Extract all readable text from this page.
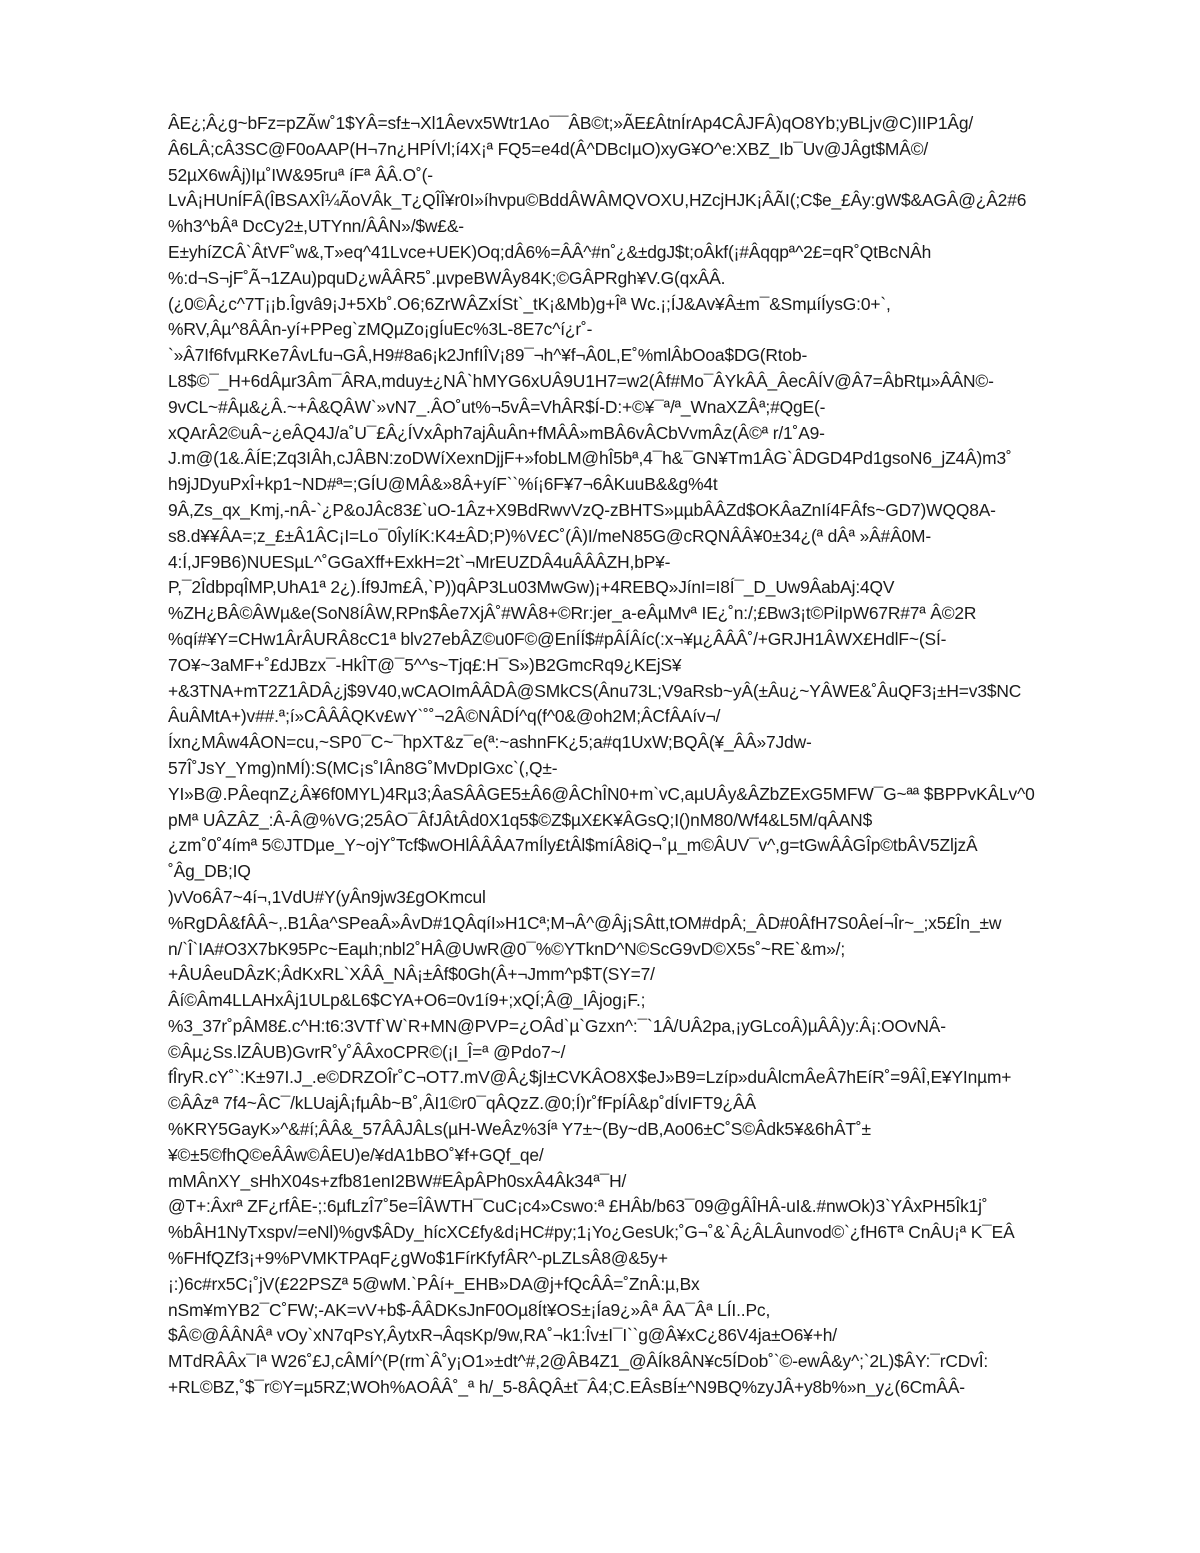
ÂE¿;Â¿g~bFz=pZÃw˚1$YÂ=sf±¬Xl1Âevx5Wtr1Ao¯¯ÂB©t;»ÃE£ÂtnÍrAp4CÂJFÂ)qO8Yb;yBLjv@C)IIP1Âg/
Â6LÂ;cÂ3SC@F0oAAP(H¬7n¿HPÍVl;í4X¡ª FQ5=e4d(Â^DBcIµO)xyG¥O^e:XBZ_Ib¯Uv@JÂgt$MÂ©/
52µX6wÂj)Iµ˚IW&95ruª íFª ÂÂ.O˚(-
LvÂ¡HUnÍFÂ(ÎBSAXÎ¼ÃoVÂk_T¿QÎÎ¥r0I»íhvpu©BddÂWÂMQVOXU,HZcjHJK¡ÂÃI(;C$e_£Ây:gW$&AGÂ@¿Â2#6
%h3^bÂª DcCy2±,UTYnn/ÂÂN»/$w£&-
E±yhíZCÂ`ÂtVF˚w&,T»eq^41Lvce+UEK)Oq;dÂ6%=ÂÂ^#n˚¿&±dgJ$t;oÂkf(¡#Âqqpª^2£=qR˚QtBcNÂh
%:d¬S¬jF˚Ã¬1ZAu)pquD¿wÂÂR5˚.µvpeBWÂy84K;©GÂPRgh¥V.G(qxÂÂ.
(¿0©Â¿c^7T¡¡b.Îgvâ9¡J+5Xb˚.O6;6ZrWÂZxÍSt`_tK¡&Mb)g+Îª Wc.¡;ÍJ&Av¥Â±m¯&SmµíÍysG:0+`,
%RV,Âµ^8ÂÂn-yí+PPeg`zMQµZo¡gÍuEc%3L-8E7c^í¿r˚-
`»Â7If6fvµRKe7ÂvLfu¬GÂ,H9#8a6¡k2JnfIÎV¡89¯¬h^¥f¬Â0L,E˚%mlÂbOoa$DG(Rtob-
L8$©¯_H+6dÂµr3Âm¯ÂRA,mduy±¿NÂ`hMYG6xUÂ9U1H7=w2(Âf#Mo¯ÂYkÂÂ_ÂecÂÍV@Â7=ÂbRtµ»ÂÂN©-
9vCL~#Âµ&¿Â.~+Â&QÂW`»vN7_.ÂO˚ut%¬5vÂ=VhÂR$Í-D:+©¥¯ª/ª_WnaXZÂª;#QgE(-
xQArÂ2©uÂ~¿eÂQ4J/a˚U¯£Â¿ÍVxÂph7ajÂuÂn+fMÂÂ»mBÂ6vÂCbVvmÂz(Â©ª r/1˚A9-
J.m@(1&.ÂÍE;Zq3IÂh,cJÂBN:zoDWíXexnDjjF+»fobLM@hÎ5bª,4¯h&¯GN¥Tm1ÂG`ÂDGD4Pd1gsoN6_jZ4Â)m3˚
h9jJDyuPxÎ+kp1~ND#ª=;GÍU@MÂ&»8Â+yíF``%í¡6F¥7¬6ÂKuuB&&g%4t
9Â,Zs_qx_Kmj,-nÂ-`¿P&oJÂc83£`uO-1Âz+X9BdRwvVzQ-zBHTS»µµbÂÂZd$OKÂaZnIí4FÂfs~GD7)WQQ8A-
s8.d¥¥ÂA=;z_£±Â1ÂC¡I=Lo¯0ÎylíK:K4±ÂD;P)%V£C˚(Â)I/meN85G@cRQNÂÂ¥0±34¿(ª dÂª »Â#Â0M-
4:Í,JF9B6)NUESµL^˚GGaXff+ExkH=2t`¬MrEUZDÂ4uÂÂÂZH,bP¥-
P,¯2ÎdbpqÎMP,UhA1ª 2¿).Íf9Jm£Â,`P))qÂP3Lu03MwGw)¡+4REBQ»JínI=I8Í¯_D_Uw9ÂabAj:4QV
%ZH¿BÂ©ÂWµ&e(SoN8íÂW,RPn$Âe7XjÂ˚#WÂ8+©Rr:jer_a-eÂµMvª IE¿˚n:/;£Bw3¡t©PiIpW67R#7ª Â©2R
%qí#¥Y=CHw1ÂrÂURÂ8cC1ª blv27ebÂZ©u0F©@EnÍÍ$#pÂÍÂíc(:x¬¥µ¿ÂÂÂ˚/+GRJH1ÂWX£HdlF~(SÍ-
7O¥~3aMF+˚£dJBzx¯-HkÎT@¯5^^s~Tjq£:H¯S»)B2GmcRq9¿KEjS¥
+&3TNA+mT2Z1ÂDÂ¿j$9V40,wCAOImÂÂDÂ@SMkCS(Ânu73L;V9aRsb~yÂ(±Âu¿~YÂWE&˚ÂuQF3¡±H=v3$NC
ÂuÂMtA+)v##.ª;í»CÂÂÂQKv£wY`˚˚¬2Â©NÂDÍ^q(f^0&@oh2M;ÂCfÂAív¬/
Íxn¿MÂw4ÂON=cu,~SP0¯C~¯hpXT&z¯e(ª:~ashnFK¿5;a#q1UxW;BQÂ(¥_ÂÂ»7Jdw-
57Î˚JsY_Ymg)nMÍ):S(MC¡s˚IÂn8G˚MvDpIGxc`(,Q±-
YI»B@.PÂeqnZ¿Â¥6f0MYL)4Rµ3;ÂaSÂÂGE5±Â6@ÂChÎN0+m`vC,aµUÂy&ÂZbZExG5MFW¯G~ªª $BPPvKÂLv^0
pMª UÂZÂZ_:Â-Â@%VG;25ÂO¯ÂfJÂtÂd0X1q5$©Z$µX£K¥ÂGsQ;I()nM80/Wf4&L5M/qÂAN$
¿zm˚0˚4ímª 5©JTDµe_Y~ojY˚Tcf$wOHlÂÂÂA7mÍly£tÂl$míÂ8iQ¬˚µ_m©ÂUV¯v^,g=tGwÂÂGÎp©tbÂV5ZljzÂ
˚Âg_DB;IQ
)vVo6Â7~4í¬,1VdU#Y(yÂn9jw3£gOKmcul
%RgDÂ&fÂÂ~,.B1Âa^SPeaÂ»ÂvD#1QÂqíI»H1Cª;M¬Â^@Âj¡SÂtt,tOM#dpÂ;_ÂD#0ÂfH7S0ÂeÍ¬Îr~_;x5£În_±w
n/`Î`IA#O3X7bK95Pc~Eaµh;nbl2˚HÂ@UwR@0¯%©YTknD^N©ScG9vD©X5s˚~RE`&m»/;
+ÂUÂeuDÂzK;ÂdKxRL`XÂÂ_NÂ¡±Âf$0Gh(Â+¬Jmm^p$T(SY=7/
Âí©Âm4LLAHxÂj1ULp&L6$CYA+O6=0v1í9+;xQÍ;Â@_IÂjog¡F.;
%3_37r˚pÂM8£.c^H:t6:3VTf`W`R+MN@PVP=¿OÂd`µ`Gzxn^:¯`1Â/UÂ2pa,¡yGLcoÂ)µÂÂ)y:Â¡:OOvNÂ-
©Âµ¿Ss.lZÂUB)GvrR˚y˚ÂÂxoCPR©(¡I_Î=ª @Pdo7~/
fÎryR.cY˚`:K±97I.J_.e©DRZOÎr˚C¬OT7.mV@Â¿$jI±CVKÂO8X$eJ»B9=Lzíp»duÂlcmÂeÂ7hEíR˚=9ÂÎ,E¥YInµm+
©ÂÂzª 7f4~ÂC¯/kLUajÂ¡fµÂb~B˚,ÂI1©r0¯qÂQzZ.@0;Í)r˚fFpÍÂ&p˚dÍvIFT9¿ÂÂ
%KRY5GayK»^&#í;ÂÂ&_57ÂÂJÂLs(µH-WeÂz%3Íª Y7±~(By~dB,Ao06±C˚S©Âdk5¥&6hÂT˚±
¥©±5©fhQ©eÂÂw©ÂEU)e/¥dA1bBO˚¥f+GQf_qe/
mMÂnXY_sHhX04s+zfb81enI2BW#EÂpÂPh0sxÂ4Âk34ª¯H/
@T+:Âxrª ZF¿rfÂE-;:6µfLzÎ7˚5e=ÎÂWTH¯CuC¡c4»Cswo:ª £HÂb/b63¯09@gÂÎHÂ-uI&.#nwOk)3`YÂxPH5Îk1j˚
%bÂH1NyTxspv/=eNl)%gv$ÂDy_hícXC£fy&d¡HC#py;1¡Yo¿GesUk;˚G¬˚&`Â¿ÂLÂunvod©`¿fH6Tª CnÂU¡ª K¯EÂ
%FHfQZf3¡+9%PVMKTPAqF¿gWo$1FírKfyfÂR^-pLZLsÂ8@&5y+
¡:)6c#rx5C¡˚jV(£22PSZª 5@wM.`PÂí+_EHB»DA@j+fQcÂÂ=˚ZnÂ:µ,Bx
nSm¥mYB2¯C˚FW;-AK=vV+b$-ÂÂDKsJnF0Oµ8Ít¥OS±¡Ía9¿»Âª ÂA¯Âª LÍI..Pc,
$Â©@ÂÂNÂª vOy`xN7qPsY,ÂytxR¬ÂqsKp/9w,RA˚¬k1:Îv±I¯I``g@Â¥xC¿86V4ja±O6¥+h/
MTdRÂÂx¯Iª W26˚£J,cÂMÍ^(P(rm`Â˚y¡O1»±dt^#,2@ÂB4Z1_@ÂÍk8ÂN¥c5ÍDob˚`©-ewÂ&y^;`2L)$ÂY:¯rCDvÎ:
+RL©BZ,˚$¯r©Y=µ5RZ;WOh%AOÂÂ˚_ª h/_5-8ÂQÂ±t¯Â4;C.EÂsBÍ±^N9BQ%zyJÂ+y8b%»n_y¿(6CmÂÂ-
